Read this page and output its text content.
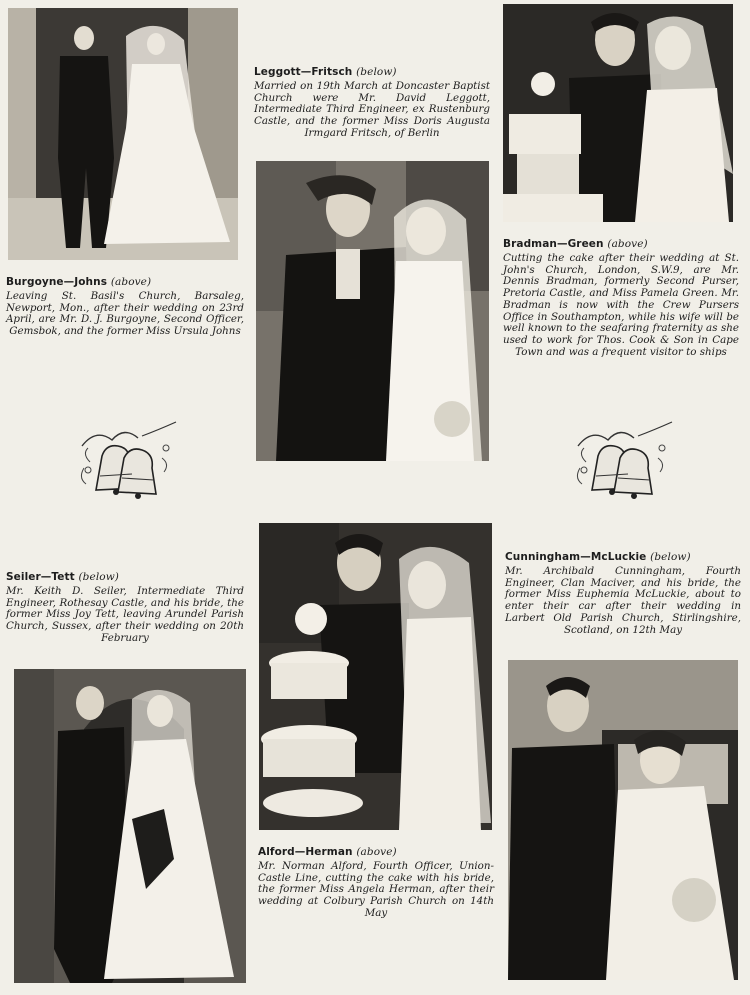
Burgoyne—Johns (above)
Leaving St. Basil's Church, Barsaleg, Newport, Mon., after their wedding on 23rd April, are Mr. D. J. Burgoyne, Second Officer, Gemsbok, and the former Miss Ursula Johns
Leggott—Fritsch (below)
Married on 19th March at Doncaster Baptist Church were Mr. David Leggott, Intermediate Third Engineer, ex Rustenburg Castle, and the former Miss Doris Augusta Irmgard Fritsch, of Berlin
Bradman—Green (above)
Cutting the cake after their wedding at St. John's Church, London, S.W.9, are Mr. Dennis Bradman, formerly Second Purser, Pretoria Castle, and Miss Pamela Green. Mr. Bradman is now with the Crew Pursers Office in Southampton, while his wife will be well known to the seafaring fraternity as she used to work for Thos. Cook & Son in Cape Town and was a frequent visitor to ships
Seiler—Tett (below)
Mr. Keith D. Seiler, Intermediate Third Engineer, Rothesay Castle, and his bride, the former Miss Joy Tett, leaving Arundel Parish Church, Sussex, after their wedding on 20th February
Cunningham—McLuckie (below)
Mr. Archibald Cunningham, Fourth Engineer, Clan Maciver, and his bride, the former Miss Euphemia McLuckie, about to enter their car after their wedding in Larbert Old Parish Church, Stirlingshire, Scotland, on 12th May
Alford—Herman (above)
Mr. Norman Alford, Fourth Officer, Union-Castle Line, cutting the cake with his bride, the former Miss Angela Herman, after their wedding at Colbury Parish Church on 14th May
